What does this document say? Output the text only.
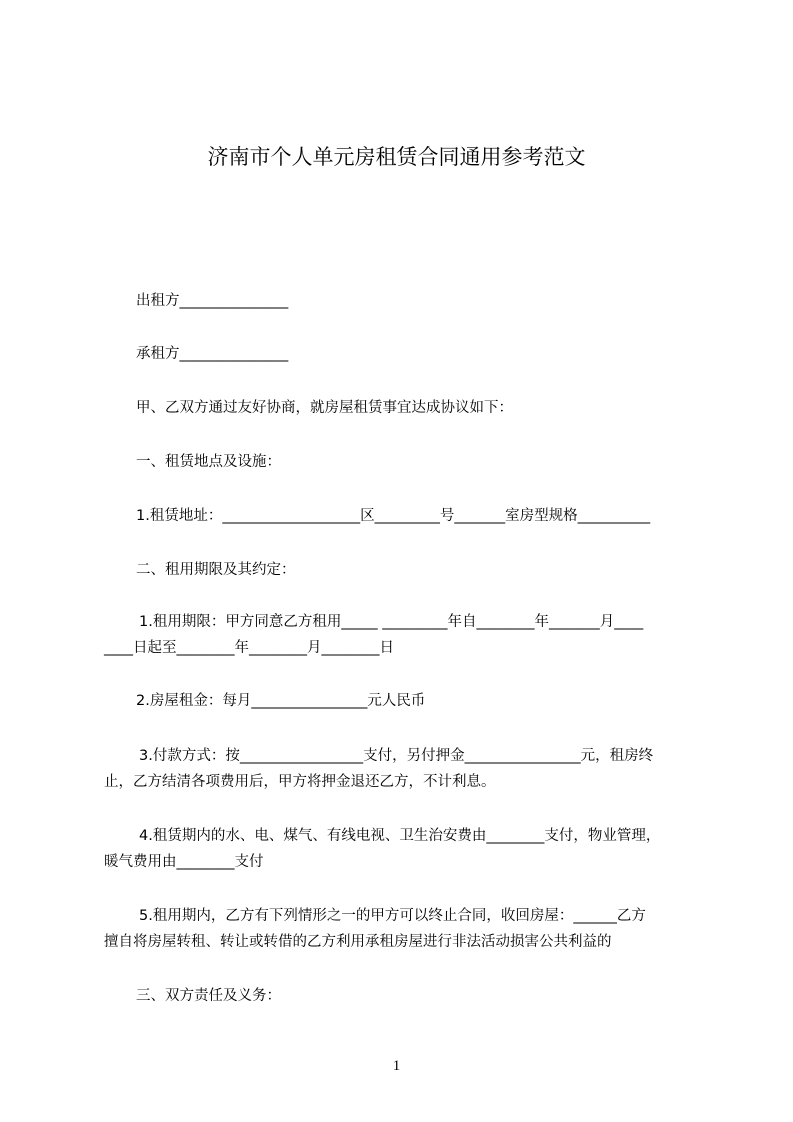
济南市个人单元房租赁合同通用参考范文
出租方_______________
承租方_______________
甲、乙双方通过友好协商，就房屋租赁事宜达成协议如下：
一、租赁地点及设施：
1.租赁地址：___________________区_________号_______室房型规格__________
二、租用期限及其约定：
1.租用期限：甲方同意乙方租用_____ _________年自________年_______月____
____日起至________年________月________日
2.房屋租金：每月________________元人民币
3.付款方式：按_________________支付，另付押金________________元，租房终
止，乙方结清各项费用后，甲方将押金退还乙方，不计利息。
4.租赁期内的水、电、煤气、有线电视、卫生治安费由________支付，物业管理，
暖气费用由________支付
5.租用期内，乙方有下列情形之一的甲方可以终止合同，收回房屋：______乙方
擅自将房屋转租、转让或转借的乙方利用承租房屋进行非法活动损害公共利益的
三、双方责任及义务：
1
